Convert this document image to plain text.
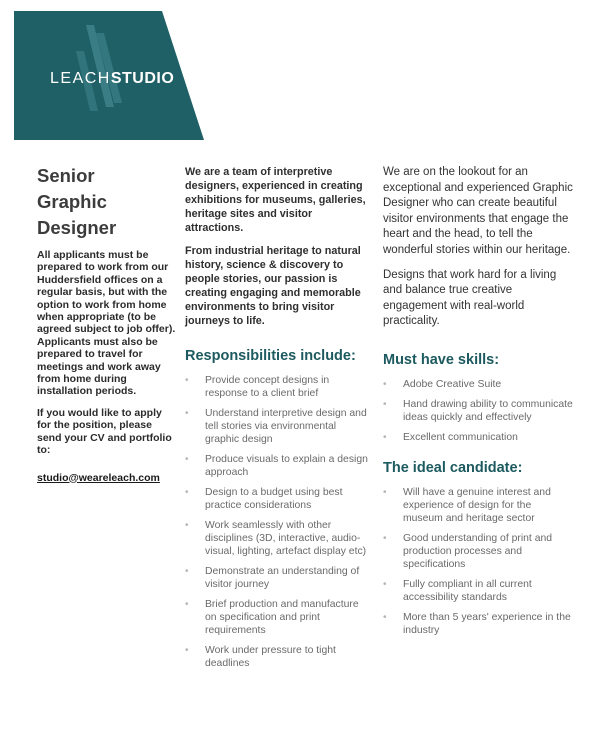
LEACHSTUDIO
Senior
Graphic
Designer

All applicants must be prepared to work from our Huddersfield offices on a regular basis, but with the option to work from home when appropriate (to be agreed subject to job offer). Applicants must also be prepared to travel for meetings and work away from home during installation periods.

If you would like to apply for the position, please send your CV and portfolio to:

studio@weareleach.com

We are a team of interpretive designers, experienced in creating exhibitions for museums, galleries, heritage sites and visitor attractions.

From industrial heritage to natural history, science & discovery to people stories, our passion is creating engaging and memorable environments to bring visitor journeys to life.

Responsibilities include:
• Provide concept designs in response to a client brief
• Understand interpretive design and tell stories via environmental graphic design
• Produce visuals to explain a design approach
• Design to a budget using best practice considerations
• Work seamlessly with other disciplines (3D, interactive, audio-visual, lighting, artefact display etc)
• Demonstrate an understanding of visitor journey
• Brief production and manufacture on specification and print requirements
• Work under pressure to tight deadlines

We are on the lookout for an exceptional and experienced Graphic Designer who can create beautiful visitor environments that engage the heart and the head, to tell the wonderful stories within our heritage.

Designs that work hard for a living and balance true creative engagement with real-world practicality.

Must have skills:
• Adobe Creative Suite
• Hand drawing ability to communicate ideas quickly and effectively
• Excellent communication
The ideal candidate:
• Will have a genuine interest and experience of design for the museum and heritage sector
• Good understanding of print and production processes and specifications
• Fully compliant in all current accessibility standards
• More than 5 years' experience in the industry
